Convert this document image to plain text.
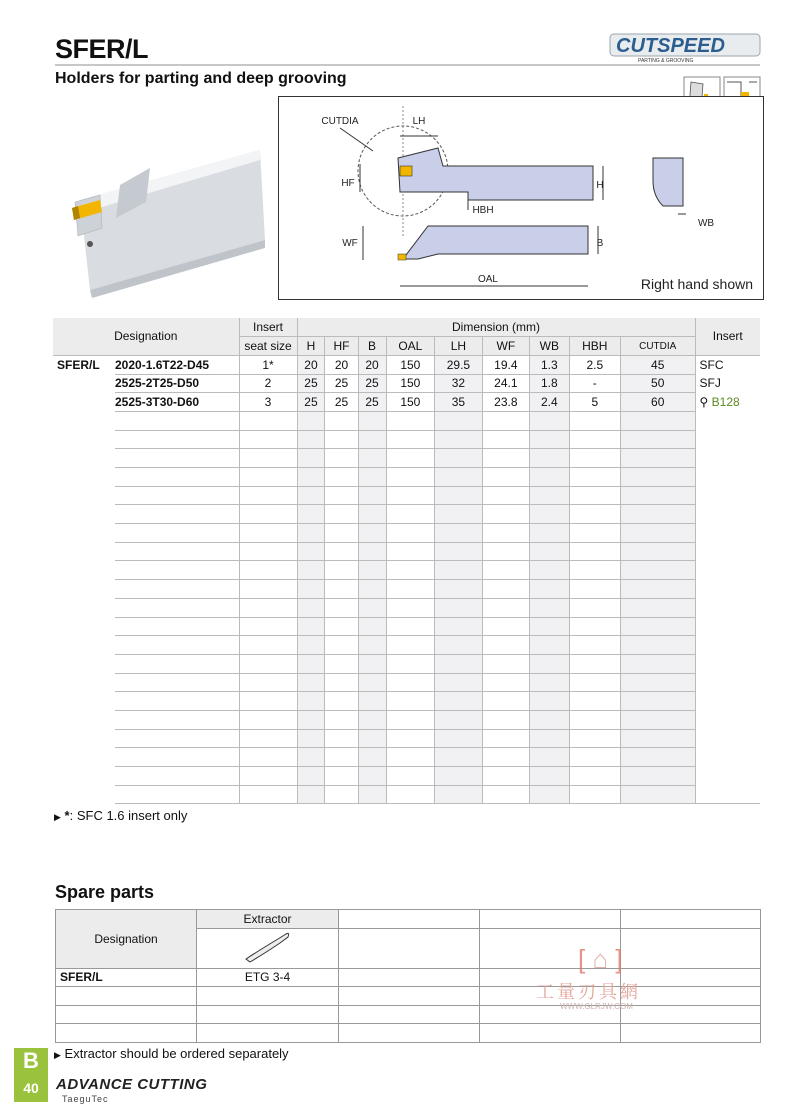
SFER/L
Holders for parting and deep grooving
CUTSPEED
PARTING & GROOVING
LH
CUTDIA
HF	H
HBH
WF	B
OAL
WB
Right hand shown
Designation		Insert	Dimension (mm)									Insert
		seat size	H	HF	B	OAL	LH	WF	WB	HBH	CUTDIA	
SFER/L	2020-1.6T22-D45	1*	20	20	20	150	29.5	19.4	1.3	2.5	45	SFC
	2525-2T25-D50	2	25	25	25	150	32	24.1	1.8	-	50	SFJ
	2525-3T30-D60	3	25	25	25	150	35	23.8	2.4	5	60	⚲ B128

▶ *: SFC 1.6 insert only
Spare parts
Designation	Extractor			

SFER/L	ETG 3-4			

[ ⌂ ]
工量刃具網
WWW.GLRJW.COM
▶ Extractor should be ordered separately
B
40	ADVANCE CUTTING
TaeguTec
